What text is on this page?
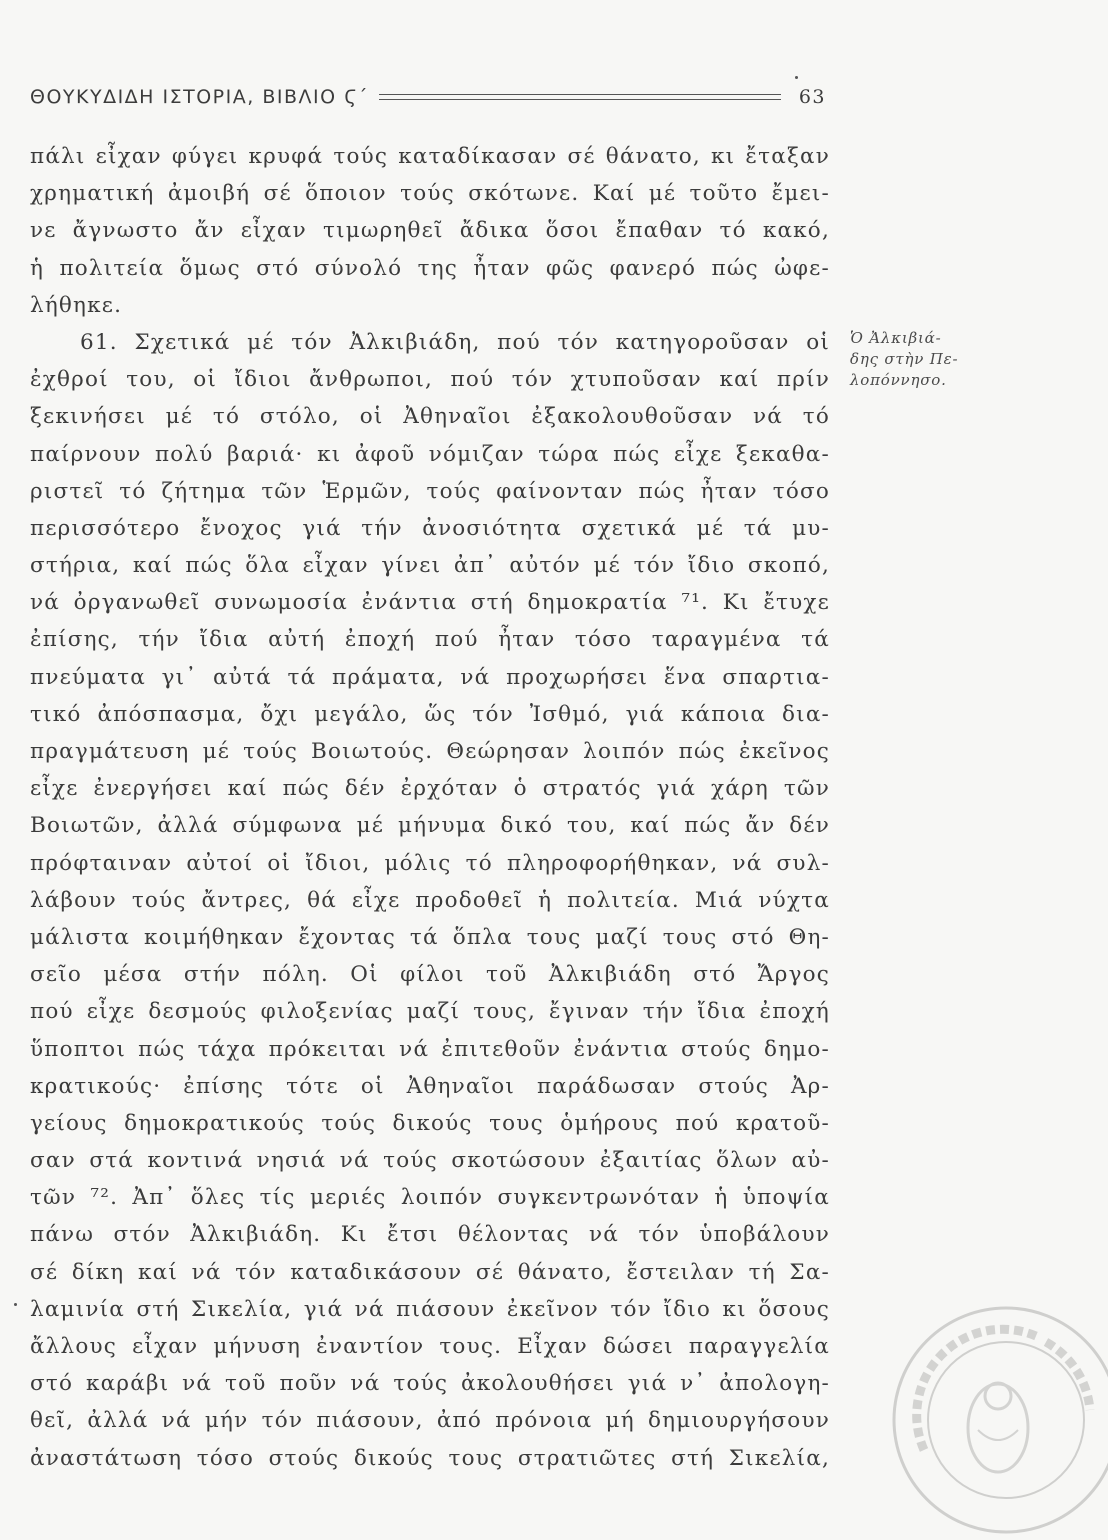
ΘΟΥΚΥΔΙΔΗ ΙΣΤΟΡΙΑ, ΒΙΒΛΙΟ Ϛ΄	63
πάλι εἶχαν φύγει κρυφά τούς καταδίκασαν σέ θάνατο, κι ἔταξαν
χρηματική ἀμοιβή σέ ὅποιον τούς σκότωνε. Καί μέ τοῦτο ἔμει-
νε ἄγνωστο ἄν εἶχαν τιμωρηθεῖ ἄδικα ὅσοι ἔπαθαν τό κακό,
ἡ πολιτεία ὅμως στό σύνολό της ἦταν φῶς φανερό πώς ὠφε-
λήθηκε.
61. Σχετικά μέ τόν Ἀλκιβιάδη, πού τόν κατηγοροῦσαν οἱ
ἐχθροί του, οἱ ἴδιοι ἄνθρωποι, πού τόν χτυποῦσαν καί πρίν
ξεκινήσει μέ τό στόλο, οἱ Ἀθηναῖοι ἐξακολουθοῦσαν νά τό
παίρνουν πολύ βαριά· κι ἀφοῦ νόμιζαν τώρα πώς εἶχε ξεκαθα-
ριστεῖ τό ζήτημα τῶν Ἑρμῶν, τούς φαίνονταν πώς ἦταν τόσο
περισσότερο ἔνοχος γιά τήν ἀνοσιότητα σχετικά μέ τά μυ-
στήρια, καί πώς ὅλα εἶχαν γίνει ἀπ᾿ αὐτόν μέ τόν ἴδιο σκοπό,
νά ὀργανωθεῖ συνωμοσία ἐνάντια στή δημοκρατία ⁷¹. Κι ἔτυχε
ἐπίσης, τήν ἴδια αὐτή ἐποχή πού ἦταν τόσο ταραγμένα τά
πνεύματα γι᾿ αὐτά τά πράματα, νά προχωρήσει ἕνα σπαρτια-
τικό ἀπόσπασμα, ὄχι μεγάλο, ὥς τόν Ἰσθμό, γιά κάποια δια-
πραγμάτευση μέ τούς Βοιωτούς. Θεώρησαν λοιπόν πώς ἐκεῖνος
εἶχε ἐνεργήσει καί πώς δέν ἐρχόταν ὁ στρατός γιά χάρη τῶν
Βοιωτῶν, ἀλλά σύμφωνα μέ μήνυμα δικό του, καί πώς ἄν δέν
πρόφταιναν αὐτοί οἱ ἴδιοι, μόλις τό πληροφορήθηκαν, νά συλ-
λάβουν τούς ἄντρες, θά εἶχε προδοθεῖ ἡ πολιτεία. Μιά νύχτα
μάλιστα κοιμήθηκαν ἔχοντας τά ὅπλα τους μαζί τους στό Θη-
σεῖο μέσα στήν πόλη. Οἱ φίλοι τοῦ Ἀλκιβιάδη στό Ἄργος
πού εἶχε δεσμούς φιλοξενίας μαζί τους, ἔγιναν τήν ἴδια ἐποχή
ὕποπτοι πώς τάχα πρόκειται νά ἐπιτεθοῦν ἐνάντια στούς δημο-
κρατικούς· ἐπίσης τότε οἱ Ἀθηναῖοι παράδωσαν στούς Ἀρ-
γείους δημοκρατικούς τούς δικούς τους ὁμήρους πού κρατοῦ-
σαν στά κοντινά νησιά νά τούς σκοτώσουν ἐξαιτίας ὅλων αὐ-
τῶν ⁷². Ἀπ᾿ ὅλες τίς μεριές λοιπόν συγκεντρωνόταν ἡ ὑποψία
πάνω στόν Ἀλκιβιάδη. Κι ἔτσι θέλοντας νά τόν ὑποβάλουν
σέ δίκη καί νά τόν καταδικάσουν σέ θάνατο, ἔστειλαν τή Σα-
λαμινία στή Σικελία, γιά νά πιάσουν ἐκεῖνον τόν ἴδιο κι ὅσους
ἄλλους εἶχαν μήνυση ἐναντίον τους. Εἶχαν δώσει παραγγελία
στό καράβι νά τοῦ ποῦν νά τούς ἀκολουθήσει γιά ν᾿ ἀπολογη-
θεῖ, ἀλλά νά μήν τόν πιάσουν, ἀπό πρόνοια μή δημιουργήσουν
ἀναστάτωση τόσο στούς δικούς τους στρατιῶτες στή Σικελία,
Ὁ Ἀλκιβιά-
δης στὴν Πε-
λοπόννησο.
